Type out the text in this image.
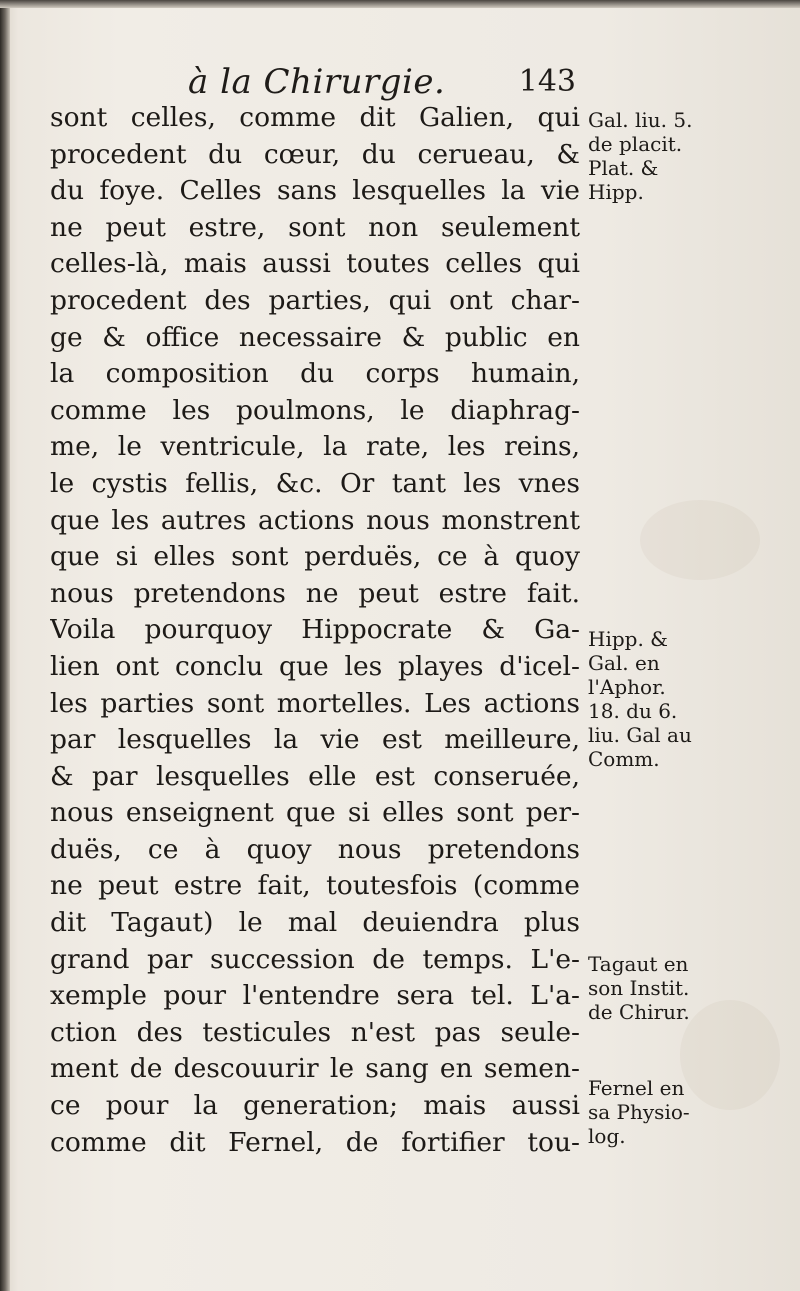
à la Chirurgie. 143
sont celles, comme dit Galien, qui
procedent du cœur, du cerueau, &
du foye. Celles sans lesquelles la vie
ne peut estre, sont non seulement
celles-là, mais aussi toutes celles qui
procedent des parties, qui ont char-
ge & office necessaire & public en
la composition du corps humain,
comme les poulmons, le diaphrag-
me, le ventricule, la rate, les reins,
le cystis fellis, &c. Or tant les vnes
que les autres actions nous monstrent
que si elles sont perduës, ce à quoy
nous pretendons ne peut estre fait.
Voila pourquoy Hippocrate & Ga-
lien ont conclu que les playes d'icel-
les parties sont mortelles. Les actions
par lesquelles la vie est meilleure,
& par lesquelles elle est conseruée,
nous enseignent que si elles sont per-
duës, ce à quoy nous pretendons
ne peut estre fait, toutesfois (comme
dit Tagaut) le mal deuiendra plus
grand par succession de temps. L'e-
xemple pour l'entendre sera tel. L'a-
ction des testicules n'est pas seule-
ment de descouurir le sang en semen-
ce pour la generation; mais aussi
comme dit Fernel, de fortifier tou-
Gal. liu. 5.
de placit.
Plat. &
Hipp.
Hipp. &
Gal. en
l'Aphor.
18. du 6.
liu. Gal au
Comm.
Tagaut en
son Instit.
de Chirur.
Fernel en
sa Physio-
log.
